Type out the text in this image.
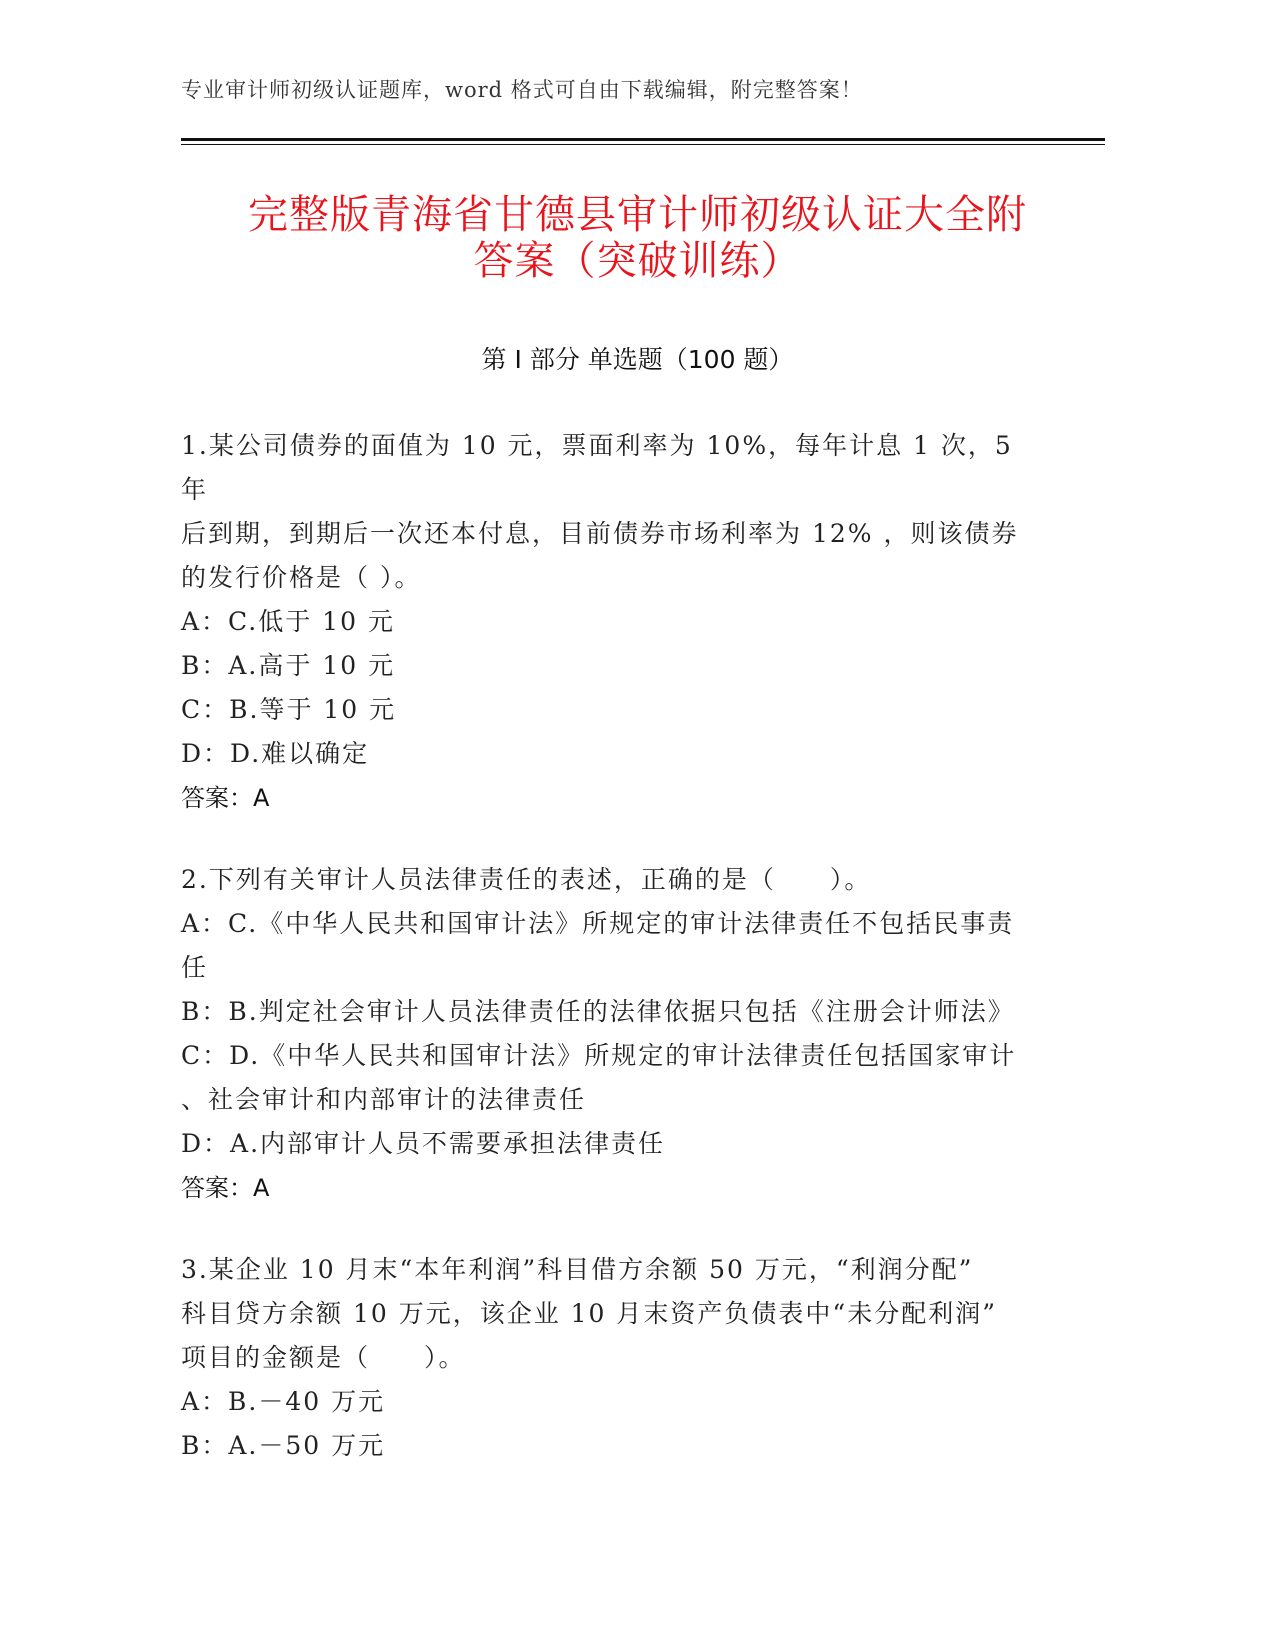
专业审计师初级认证题库，word 格式可自由下载编辑，附完整答案！
完整版青海省甘德县审计师初级认证大全附
答案（突破训练）
第 I 部分 单选题（100 题）
1.某公司债券的面值为 10 元，票面利率为 10%，每年计息 1 次，5 年
后到期，到期后一次还本付息，目前债券市场利率为 12% ，则该债券
的发行价格是（ ）。
A：C.低于 10 元
B：A.高于 10 元
C：B.等于 10 元
D：D.难以确定
答案：A
2.下列有关审计人员法律责任的表述，正确的是（　　）。
A：C.《中华人民共和国审计法》所规定的审计法律责任不包括民事责
任
B：B.判定社会审计人员法律责任的法律依据只包括《注册会计师法》
C：D.《中华人民共和国审计法》所规定的审计法律责任包括国家审计
、社会审计和内部审计的法律责任
D：A.内部审计人员不需要承担法律责任
答案：A
3.某企业 10 月末“本年利润”科目借方余额 50 万元，“利润分配”
科目贷方余额 10 万元，该企业 10 月末资产负债表中“未分配利润”
项目的金额是（　　）。
A：B.－40 万元
B：A.－50 万元
